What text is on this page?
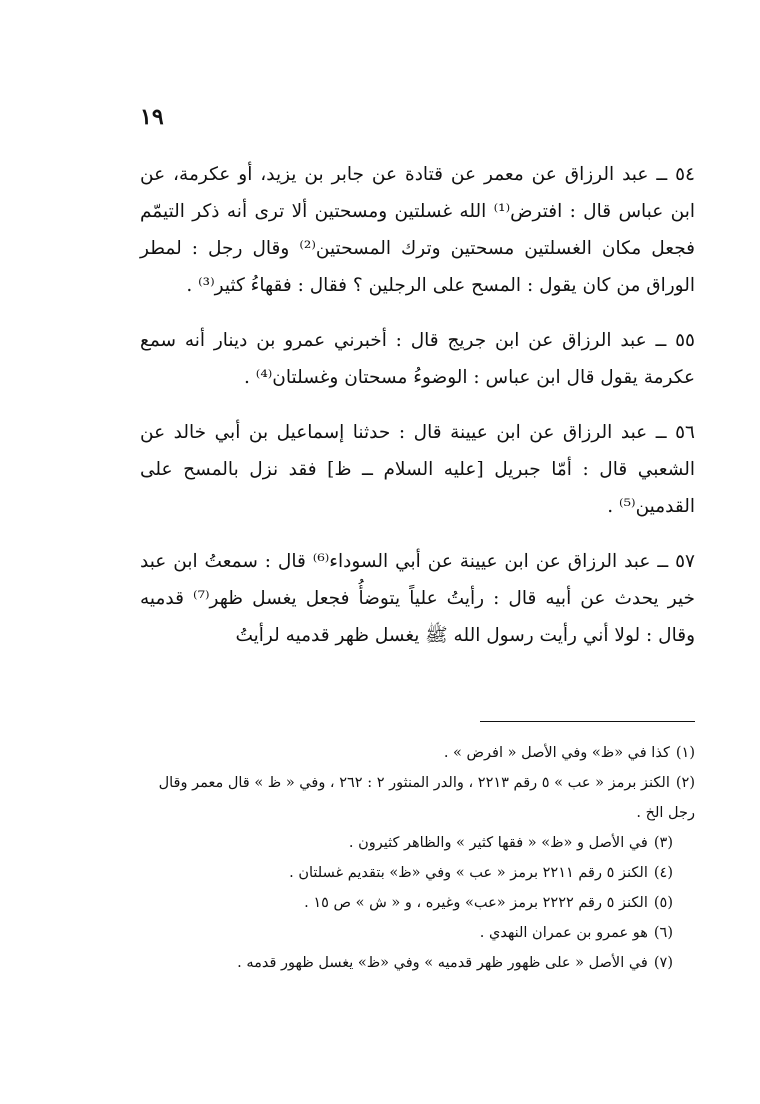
١٩

٥٤ ــ عبد الرزاق عن معمر عن قتادة عن جابر بن يزيد، أو عكرمة، عن ابن عباس قال : افترض⁽¹⁾ الله غسلتين ومسحتين ألا ترى أنه ذكر التيمّم فجعل مكان الغسلتين مسحتين وترك المسحتين⁽²⁾ وقال رجل : لمطر الوراق من كان يقول : المسح على الرجلين ؟ فقال : فقهاءُ كثير⁽³⁾ .

٥٥ ــ عبد الرزاق عن ابن جريج قال : أخبرني عمرو بن دينار أنه سمع عكرمة يقول قال ابن عباس : الوضوءُ مسحتان وغسلتان⁽⁴⁾ .

٥٦ ــ عبد الرزاق عن ابن عيينة قال : حدثنا إسماعيل بن أبي خالد عن الشعبي قال : أمّا جبريل [عليه السلام ــ ظ] فقد نزل بالمسح على القدمين⁽⁵⁾ .

٥٧ ــ عبد الرزاق عن ابن عيينة عن أبي السوداء⁽⁶⁾ قال : سمعتُ ابن عبد خير يحدث عن أبيه قال : رأيتُ علياً يتوضأُ فجعل يغسل ظهر⁽⁷⁾ قدميه وقال : لولا أني رأيت رسول الله ﷺ يغسل ظهر قدميه لرأيتُ

(١)كذا في «ظ» وفي الأصل « افرض » .
(٢)الكنز برمز « عب » ٥ رقم ٢٢١٣ ، والدر المنثور ٢ : ٢٦٢ ، وفي « ظ » قال معمر وقال رجل الخ .
(٣)في الأصل و «ظ» « فقها كثير » والظاهر كثيرون .
(٤)الكنز ٥ رقم ٢٢١١ برمز « عب » وفي «ظ» بتقديم غسلتان .
(٥)الكنز ٥ رقم ٢٢٢٢ برمز «عب» وغيره ، و « ش » ص ١٥ .
(٦)هو عمرو بن عمران النهدي .
(٧)في الأصل « على ظهور ظهر قدميه » وفي «ظ» يغسل ظهور قدمه .
